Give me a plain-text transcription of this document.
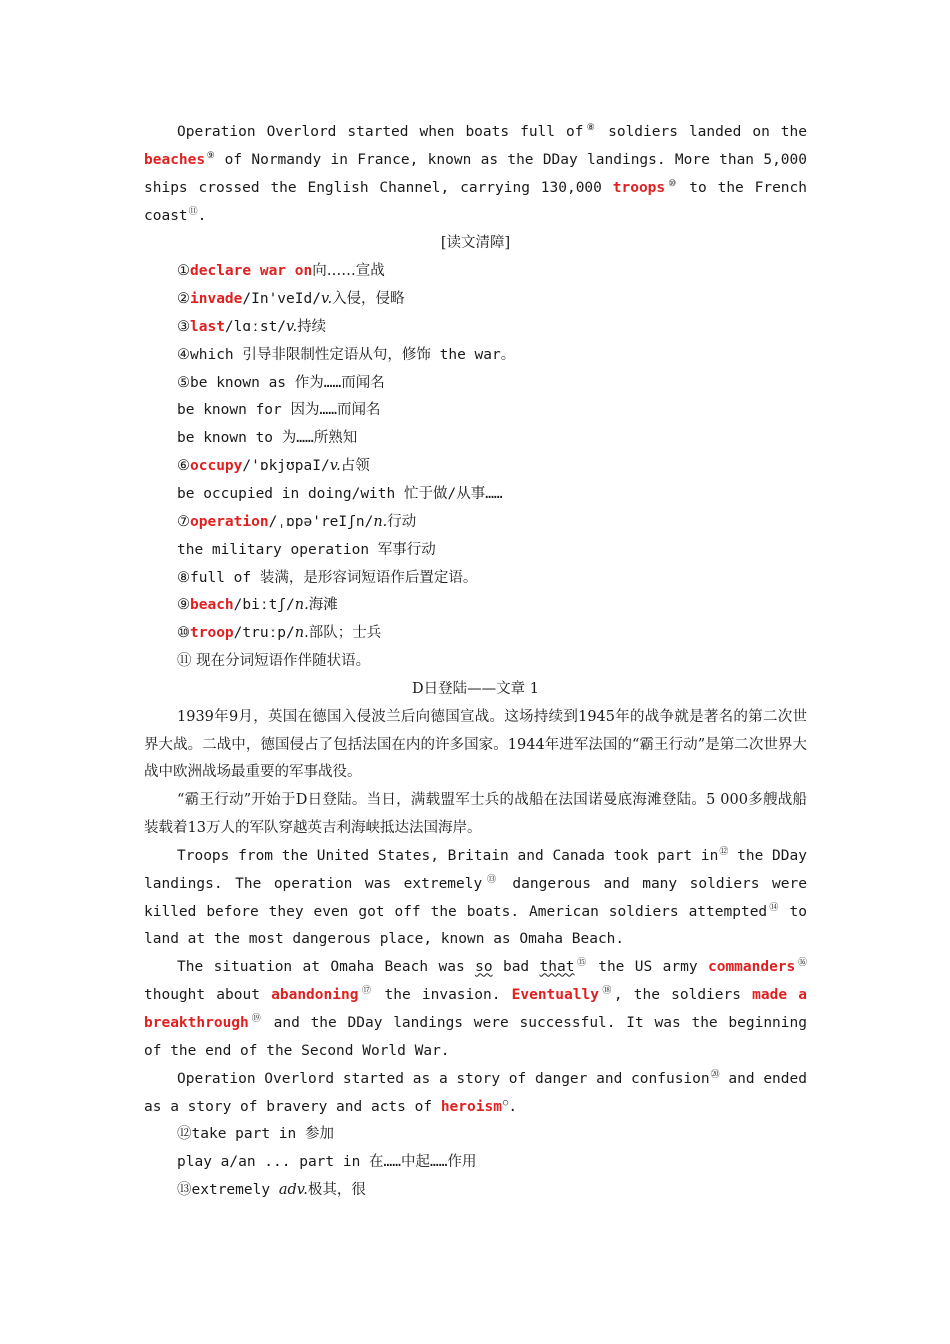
Operation Overlord started when boats full of⑧ soldiers landed on the beaches⑨ of Normandy in France, known as the DDay landings. More than 5,000 ships crossed the English Channel, carrying 130,000 troops⑩ to the French coast⑪.

[读文清障]

①declare war on向……宣战

②invade/In'veId/v.入侵，侵略

③last/lɑːst/v.持续

④which 引导非限制性定语从句，修饰 the war。

⑤be known as 作为……而闻名

be known for 因为……而闻名

be known to 为……所熟知

⑥occupy/'ɒkjʊpaI/v.占领

be occupied in doing/with 忙于做/从事……

⑦operation/ˌɒpə'reIʃn/n.行动

the military operation 军事行动

⑧full of 装满，是形容词短语作后置定语。

⑨beach/biːtʃ/n.海滩

⑩troop/truːp/n.部队；士兵

⑪ 现在分词短语作伴随状语。

D日登陆——文章 1

1939年9月，英国在德国入侵波兰后向德国宣战。这场持续到1945年的战争就是著名的第二次世界大战。二战中，德国侵占了包括法国在内的许多国家。1944年进军法国的“霸王行动”是第二次世界大战中欧洲战场最重要的军事战役。

“霸王行动”开始于D日登陆。当日，满载盟军士兵的战船在法国诺曼底海滩登陆。5 000多艘战船装载着13万人的军队穿越英吉利海峡抵达法国海岸。

Troops from the United States, Britain and Canada took part in⑫ the DDay landings. The operation was extremely⑬ dangerous and many soldiers were killed before they even got off the boats. American soldiers attempted⑭ to land at the most dangerous place, known as Omaha Beach.

The situation at Omaha Beach was so bad that⑮ the US army commanders⑯ thought about abandoning⑰ the invasion. Eventually⑱, the soldiers made a breakthrough⑲ and the DDay landings were successful. It was the beginning of the end of the Second World War.

Operation Overlord started as a story of danger and confusion⑳ and ended as a story of bravery and acts of heroism○.

⑫take part in 参加

play a/an ... part in 在……中起……作用

⑬extremely adv.极其，很
